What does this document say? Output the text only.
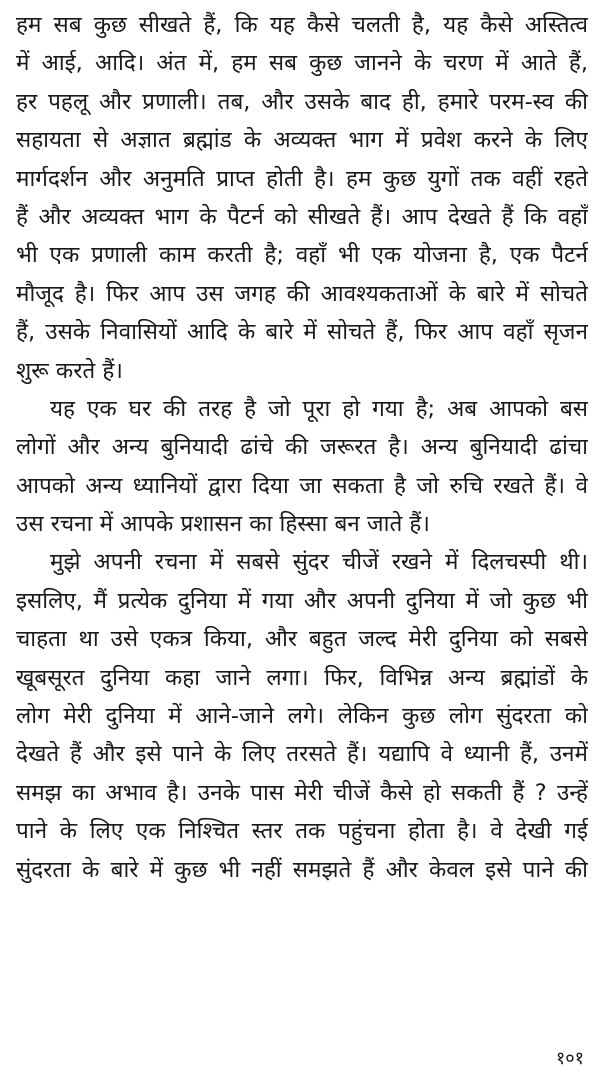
हम सब कुछ सीखते हैं, कि यह कैसे चलती है, यह कैसे अस्तित्व
में आई, आदि। अंत में, हम सब कुछ जानने के चरण में आते हैं,
हर पहलू और प्रणाली। तब, और उसके बाद ही, हमारे परम-स्व की
सहायता से अज्ञात ब्रह्मांड के अव्यक्त भाग में प्रवेश करने के लिए
मार्गदर्शन और अनुमति प्राप्त होती है। हम कुछ युगों तक वहीं रहते
हैं और अव्यक्त भाग के पैटर्न को सीखते हैं। आप देखते हैं कि वहाँ
भी एक प्रणाली काम करती है; वहाँ भी एक योजना है, एक पैटर्न
मौजूद है। फिर आप उस जगह की आवश्यकताओं के बारे में सोचते
हैं, उसके निवासियों आदि के बारे में सोचते हैं, फिर आप वहाँ सृजन
शुरू करते हैं।
यह एक घर की तरह है जो पूरा हो गया है; अब आपको बस
लोगों और अन्य बुनियादी ढांचे की जरूरत है। अन्य बुनियादी ढांचा
आपको अन्य ध्यानियों द्वारा दिया जा सकता है जो रुचि रखते हैं। वे
उस रचना में आपके प्रशासन का हिस्सा बन जाते हैं।
मुझे अपनी रचना में सबसे सुंदर चीजें रखने में दिलचस्पी थी।
इसलिए, मैं प्रत्येक दुनिया में गया और अपनी दुनिया में जो कुछ भी
चाहता था उसे एकत्र किया, और बहुत जल्द मेरी दुनिया को सबसे
खूबसूरत दुनिया कहा जाने लगा। फिर, विभिन्न अन्य ब्रह्मांडों के
लोग मेरी दुनिया में आने-जाने लगे। लेकिन कुछ लोग सुंदरता को
देखते हैं और इसे पाने के लिए तरसते हैं। यद्यापि वे ध्यानी हैं, उनमें
समझ का अभाव है। उनके पास मेरी चीजें कैसे हो सकती हैं ? उन्हें
पाने के लिए एक निश्चित स्तर तक पहुंचना होता है। वे देखी गई
सुंदरता के बारे में कुछ भी नहीं समझते हैं और केवल इसे पाने की
१०१
